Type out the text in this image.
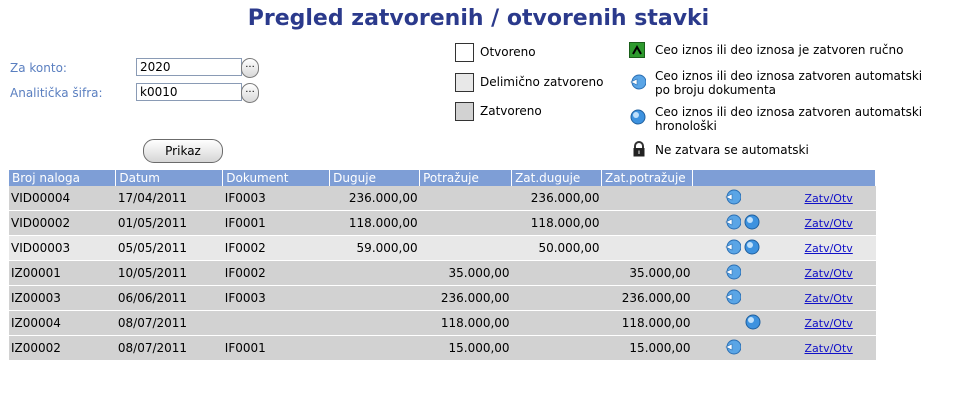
Pregled zatvorenih / otvorenih stavki
Za konto:	2020	...
Analitička šifra:	k0010	...
Prikaz
Otvoreno
Delimično zatvoreno
Zatvoreno
Ceo iznos ili deo iznosa je zatvoren ručno
Ceo iznos ili deo iznosa zatvoren automatski
po broju dokumenta
Ceo iznos ili deo iznosa zatvoren automatski
hronološki
Ne zatvara se automatski
Broj naloga	Datum	Dokument	Duguje	Potražuje	Zat.duguje	Zat.potražuje	
VID00004	17/04/2011	IF0003	236.000,00		236.000,00		Zatv/Otv
VID00002	01/05/2011	IF0001	118.000,00		118.000,00		Zatv/Otv
VID00003	05/05/2011	IF0002	59.000,00		50.000,00		Zatv/Otv
IZ00001	10/05/2011	IF0002		35.000,00		35.000,00	Zatv/Otv
IZ00003	06/06/2011	IF0003		236.000,00		236.000,00	Zatv/Otv
IZ00004	08/07/2011			118.000,00		118.000,00	Zatv/Otv
IZ00002	08/07/2011	IF0001		15.000,00		15.000,00	Zatv/Otv
